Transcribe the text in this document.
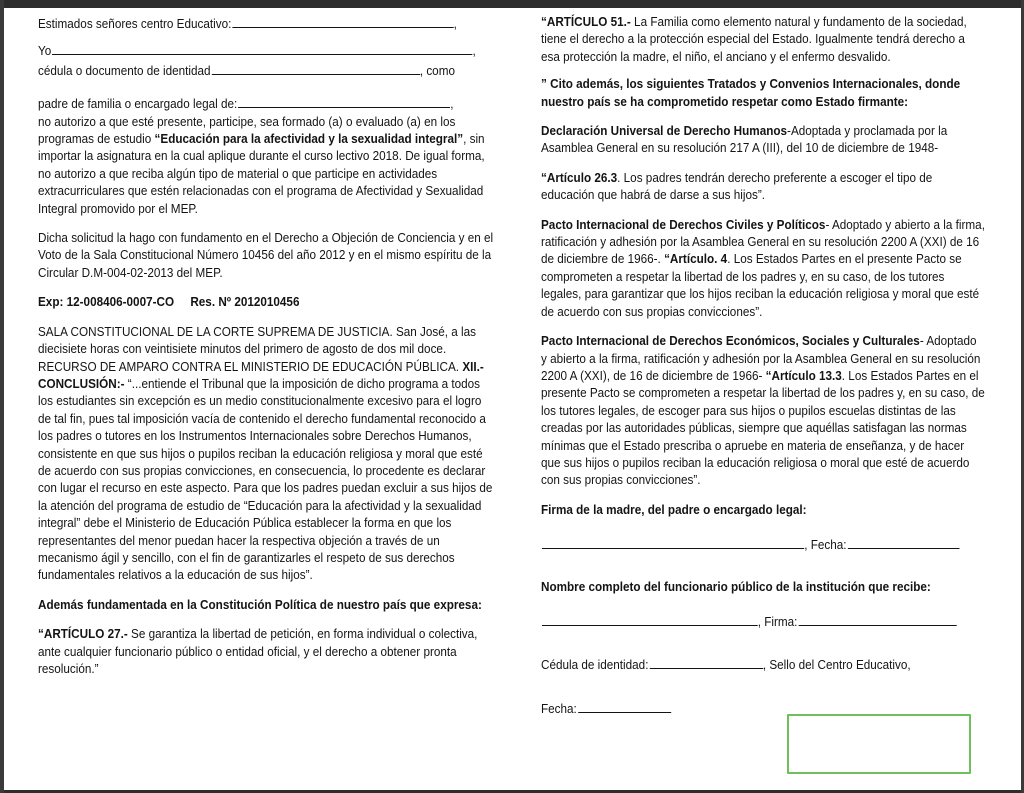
Estimados señores centro Educativo:	,

Yo	,

cédula o documento de identidad	, como

padre de familia o encargado legal de:	,

no autorizo a que esté presente, participe, sea formado (a) o evaluado (a) en los programas de estudio “Educación para la afectividad y la sexualidad integral”, sin importar la asignatura en la cual aplique durante el curso lectivo 2018. De igual forma, no autorizo a que reciba algún tipo de material o que participe en actividades extracurriculares que estén relacionadas con el programa de Afectividad y Sexualidad Integral promovido por el MEP.

Dicha solicitud la hago con fundamento en el Derecho a Objeción de Conciencia y en el Voto de la Sala Constitucional Número 10456 del año 2012 y en el mismo espíritu de la Circular D.M-004-02-2013 del MEP.

Exp: 12-008406-0007-CO     Res. Nº 2012010456

SALA CONSTITUCIONAL DE LA CORTE SUPREMA DE JUSTICIA. San José, a las diecisiete horas con veintisiete minutos del primero de agosto de dos mil doce. RECURSO DE AMPARO CONTRA EL MINISTERIO DE EDUCACIÓN PÚBLICA. XII.-CONCLUSIÓN:- “...entiende el Tribunal que la imposición de dicho programa a todos los estudiantes sin excepción es un medio constitucionalmente excesivo para el logro de tal fin, pues tal imposición vacía de contenido el derecho fundamental reconocido a los padres o tutores en los Instrumentos Internacionales sobre Derechos Humanos, consistente en que sus hijos o pupilos reciban la educación religiosa y moral que esté de acuerdo con sus propias convicciones, en consecuencia, lo procedente es declarar con lugar el recurso en este aspecto. Para que los padres puedan excluir a sus hijos de la atención del programa de estudio de “Educación para la afectividad y la sexualidad integral” debe el Ministerio de Educación Pública establecer la forma en que los representantes del menor puedan hacer la respectiva objeción a través de un mecanismo ágil y sencillo, con el fin de garantizarles el respeto de sus derechos fundamentales relativos a la educación de sus hijos”.

Además fundamentada en la Constitución Política de nuestro país que expresa:

“ARTÍCULO 27.- Se garantiza la libertad de petición, en forma individual o colectiva, ante cualquier funcionario público o entidad oficial, y el derecho a obtener pronta resolución.”

“ARTÍCULO 51.- La Familia como elemento natural y fundamento de la sociedad, tiene el derecho a la protección especial del Estado. Igualmente tendrá derecho a esa protección la madre, el niño, el anciano y el enfermo desvalido.

” Cito además, los siguientes Tratados y Convenios Internacionales, donde nuestro país se ha comprometido respetar como Estado firmante:

Declaración Universal de Derecho Humanos-Adoptada y proclamada por la Asamblea General en su resolución 217 A (III), del 10 de diciembre de 1948-

“Artículo 26.3. Los padres tendrán derecho preferente a escoger el tipo de educación que habrá de darse a sus hijos”.

Pacto Internacional de Derechos Civiles y Políticos- Adoptado y abierto a la firma, ratificación y adhesión por la Asamblea General en su resolución 2200 A (XXI) de 16 de diciembre de 1966-. “Artículo. 4. Los Estados Partes en el presente Pacto se comprometen a respetar la libertad de los padres y, en su caso, de los tutores legales, para garantizar que los hijos reciban la educación religiosa y moral que esté de acuerdo con sus propias convicciones”.

Pacto Internacional de Derechos Económicos, Sociales y Culturales- Adoptado y abierto a la firma, ratificación y adhesión por la Asamblea General en su resolución 2200 A (XXI), de 16 de diciembre de 1966- “Artículo 13.3. Los Estados Partes en el presente Pacto se comprometen a respetar la libertad de los padres y, en su caso, de los tutores legales, de escoger para sus hijos o pupilos escuelas distintas de las creadas por las autoridades públicas, siempre que aquéllas satisfagan las normas mínimas que el Estado prescriba o apruebe en materia de enseñanza, y de hacer que sus hijos o pupilos reciban la educación religiosa o moral que esté de acuerdo con sus propias convicciones”.

Firma de la madre, del padre o encargado legal:

, Fecha:

Nombre completo del funcionario público de la institución que recibe:

, Firma:

Cédula de identidad:	, Sello del Centro Educativo,

Fecha:
